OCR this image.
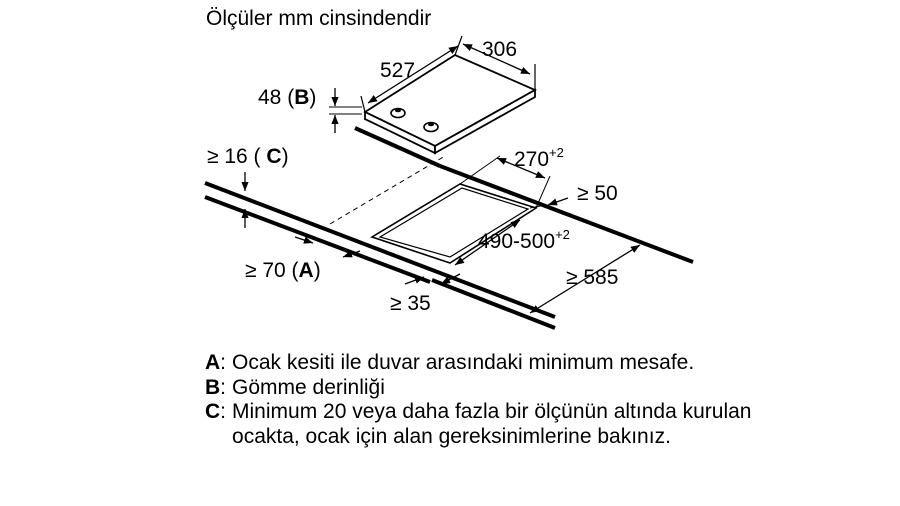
Ölçüler mm cinsindendir
527
306
48 (B)
≥ 16 ( C)	$270^{+2}$
≥ 50
$490-500^{+2}$
≥ 70 (A)
≥ 35
≥ 585
A : Ocak kesiti ile duvar arasındaki minimum mesafe.
B : Gömme derinliği
C : Minimum 20 veya daha fazla bir ölçünün altında kurulan ocakta, ocak için alan gereksinimlerine bakınız.
